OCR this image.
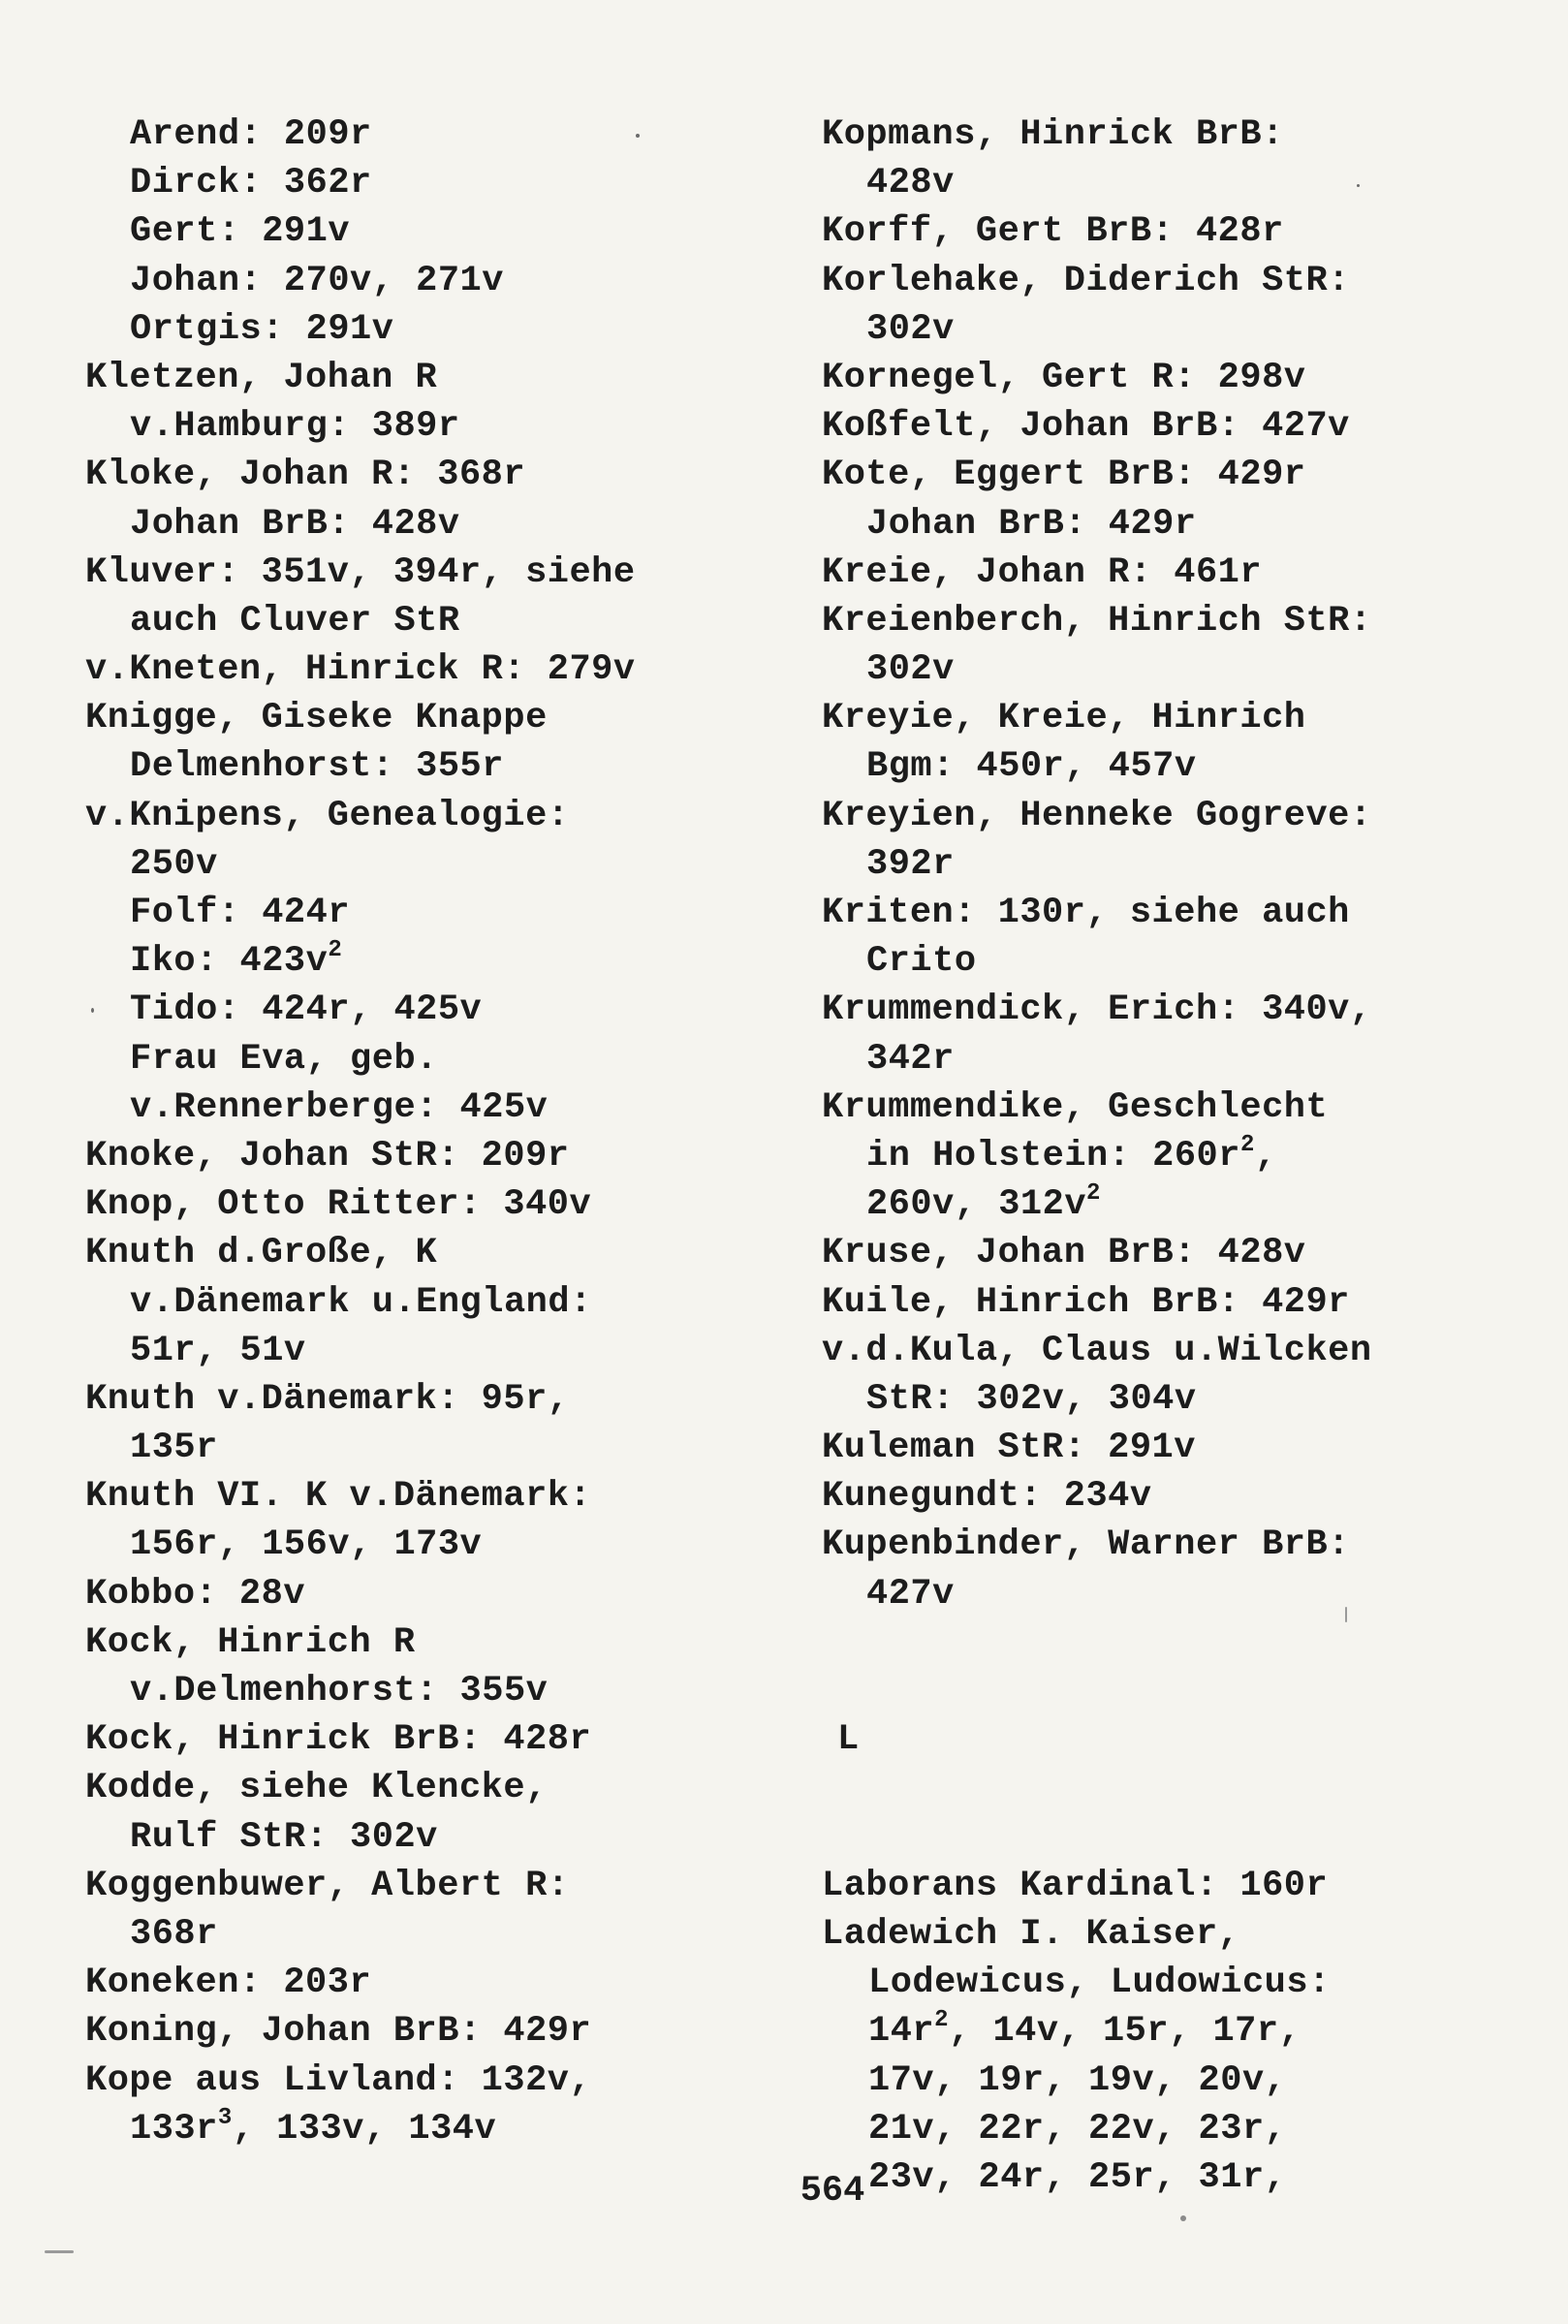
Arend: 209r
Dirck: 362r
Gert: 291v
Johan: 270v, 271v
Ortgis: 291v
Kletzen, Johan R
v.Hamburg: 389r
Kloke, Johan R: 368r
Johan BrB: 428v
Kluver: 351v, 394r, siehe
auch Cluver StR
v.Kneten, Hinrick R: 279v
Knigge, Giseke Knappe
Delmenhorst: 355r
v.Knipens, Genealogie:
250v
Folf: 424r
Iko: $423v^2$
Tido: 424r, 425v
Frau Eva, geb.
v.Rennerberge: 425v
Knoke, Johan StR: 209r
Knop, Otto Ritter: 340v
Knuth d.Große, K
v.Dänemark u.England:
51r, 51v
Knuth v.Dänemark: 95r,
135r
Knuth VI. K v.Dänemark:
156r, 156v, 173v
Kobbo: 28v
Kock, Hinrich R
v.Delmenhorst: 355v
Kock, Hinrick BrB: 428r
Kodde, siehe Klencke,
Rulf StR: 302v
Koggenbuwer, Albert R:
368r
Koneken: 203r
Koning, Johan BrB: 429r
Kope aus Livland: 132v,
$133r^3$, 133v, 134v
Kopmans, Hinrick BrB:
428v
Korff, Gert BrB: 428r
Korlehake, Diderich StR:
302v
Kornegel, Gert R: 298v
Koßfelt, Johan BrB: 427v
Kote, Eggert BrB: 429r
Johan BrB: 429r
Kreie, Johan R: 461r
Kreienberch, Hinrich StR:
302v
Kreyie, Kreie, Hinrich
Bgm: 450r, 457v
Kreyien, Henneke Gogreve:
392r
Kriten: 130r, siehe auch
Crito
Krummendick, Erich: 340v,
342r
Krummendike, Geschlecht
in Holstein: $260r^2$,
260v, $312v^2$
Kruse, Johan BrB: 428v
Kuile, Hinrich BrB: 429r
v.d.Kula, Claus u.Wilcken
StR: 302v, 304v
Kuleman StR: 291v
Kunegundt: 234v
Kupenbinder, Warner BrB:
427v
L
Laborans Kardinal: 160r
Ladewich I. Kaiser,
Lodewicus, Ludowicus:
$14r^2$, 14v, 15r, 17r,
17v, 19r, 19v, 20v,
21v, 22r, 22v, 23r,
23v, 24r, 25r, 31r,
564
